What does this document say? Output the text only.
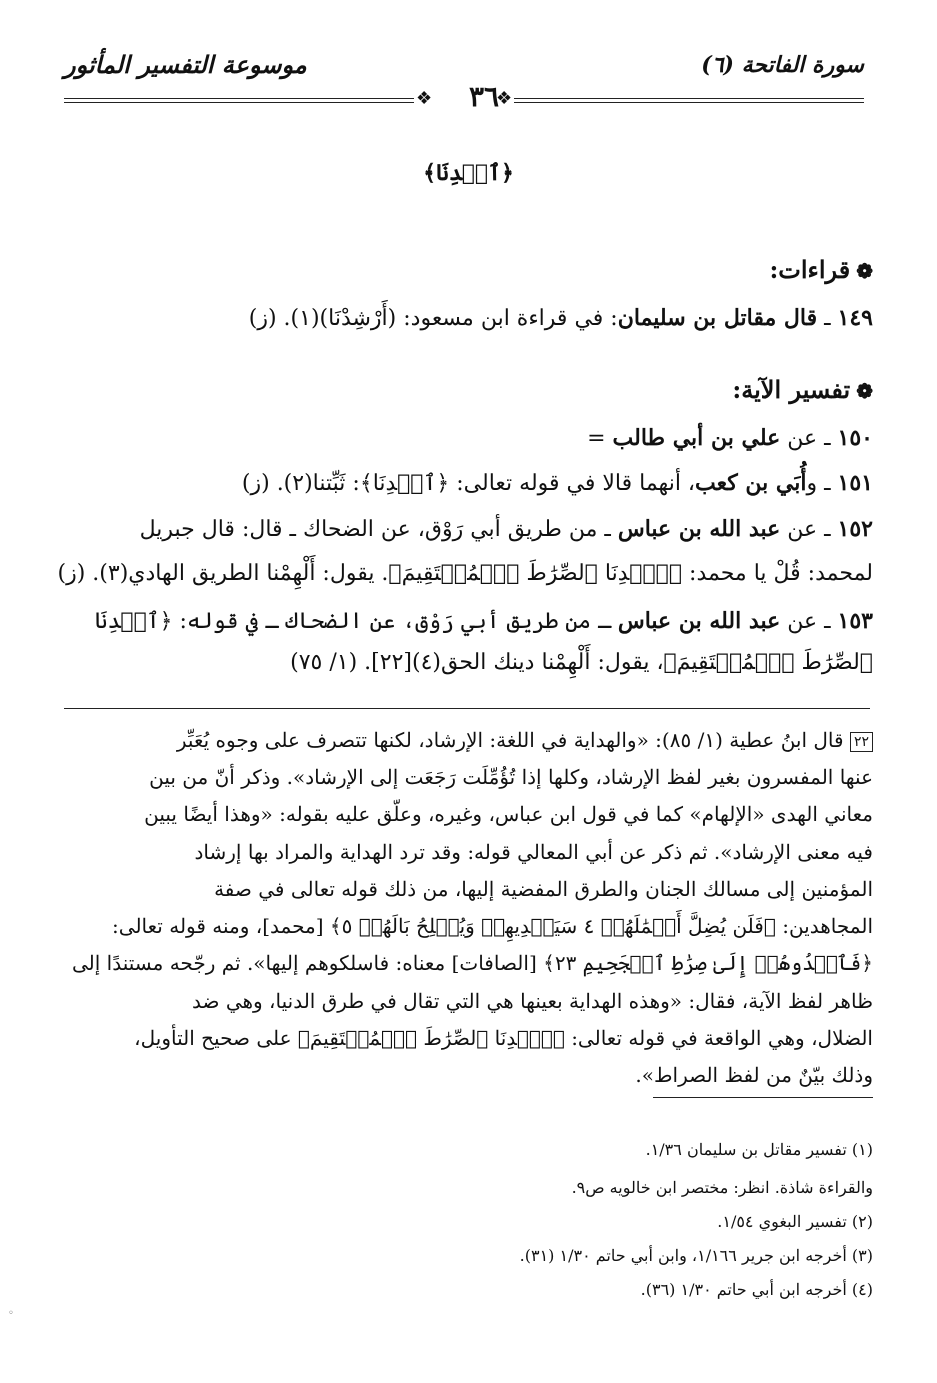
موسوعة التفسير المأثور	سورة الفاتحة (٦)
❖	❖
٣٦
﴿ٱهۡدِنَا﴾
❁قراءات:
١٤٩ ـ قال مقاتل بن سليمان: في قراءة ابن مسعود: (أَرْشِدْنَا)(١). (ز)
❁تفسير الآية:
١٥٠ ـ عن علي بن أبي طالب =
١٥١ ـ وأُبَي بن كعب، أنهما قالا في قوله تعالى: ﴿ٱهۡدِنَا﴾: ثَبِّتنا(٢). (ز)
١٥٢ ـ عن عبد الله بن عباس ـ من طريق أبي رَوْق، عن الضحاك ـ قال: قال جبريل
لمحمد: قُلْ يا محمد: ﴿ٱهۡدِنَا ٱلصِّرَٰطَ ٱلۡمُسۡتَقِيمَ﴾. يقول: أَلْهِمْنا الطريق الهادي(٣). (ز)
١٥٣ ـ عن عبد الله بن عباس ـ من طريق أبي رَوْق، عن الضحاك ـ في قوله: ﴿ٱهۡدِنَا
ٱلصِّرَٰطَ ٱلۡمُسۡتَقِيمَ﴾، يقول: أَلْهِمْنا دينك الحق(٤)[٢٢]. (١/ ٧٥)
٢٢ قال ابنُ عطية (١/ ٨٥): «والهداية في اللغة: الإرشاد، لكنها تتصرف على وجوه يُعَبِّر
عنها المفسرون بغير لفظ الإرشاد، وكلها إذا تُؤُمِّلَت رَجَعَت إلى الإرشاد». وذكر أنّ من بين
معاني الهدى «الإلهام» كما في قول ابن عباس، وغيره، وعلّق عليه بقوله: «وهذا أيضًا يبين
فيه معنى الإرشاد». ثم ذكر عن أبي المعالي قوله: وقد ترد الهداية والمراد بها إرشاد
المؤمنين إلى مسالك الجنان والطرق المفضية إليها، من ذلك قوله تعالى في صفة
المجاهدين: ﴿فَلَن يُضِلَّ أَعۡمَٰلَهُمۡ ٤ سَيَهۡدِيهِمۡ وَيُصۡلِحُ بَالَهُمۡ ٥﴾ [محمد]، ومنه قوله تعالى:
﴿فَٱهۡدُوهُمۡ إِلَىٰ صِرَٰطِ ٱلۡجَحِيمِ ٢٣﴾ [الصافات] معناه: فاسلكوهم إليها». ثم رجّحه مستندًا إلى
ظاهر لفظ الآية، فقال: «وهذه الهداية بعينها هي التي تقال في طرق الدنيا، وهي ضد
الضلال، وهي الواقعة في قوله تعالى: ﴿ٱهۡدِنَا ٱلصِّرَٰطَ ٱلۡمُسۡتَقِيمَ﴾ على صحيح التأويل،
وذلك بيّنٌ من لفظ الصراط».
(١) تفسير مقاتل بن سليمان ١/٣٦.
والقراءة شاذة. انظر: مختصر ابن خالويه ص٩.
(٢) تفسير البغوي ١/٥٤.
(٣) أخرجه ابن جرير ١/١٦٦، وابن أبي حاتم ١/٣٠ (٣١).
(٤) أخرجه ابن أبي حاتم ١/٣٠ (٣٦).
◦
